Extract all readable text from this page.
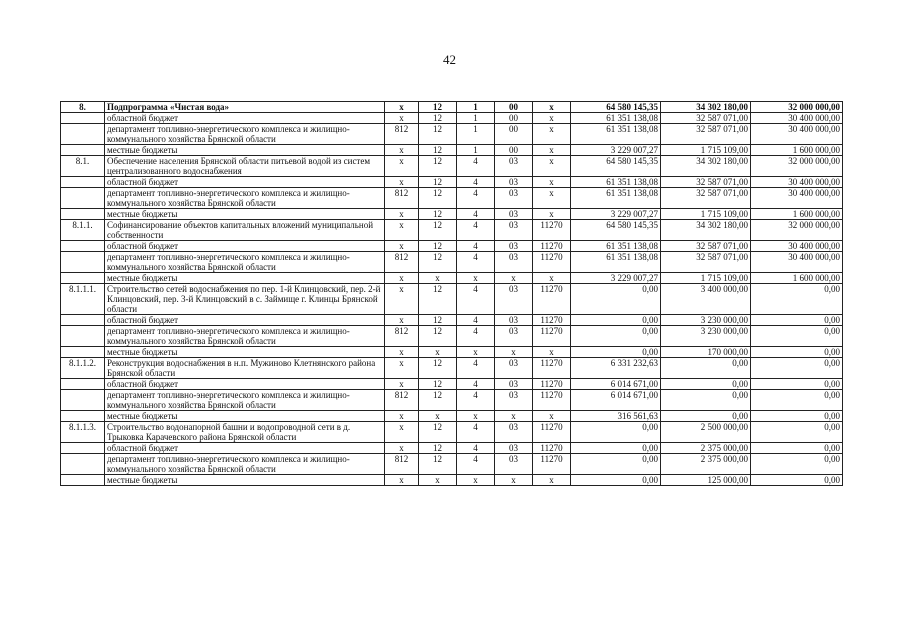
42
8.	Подпрограмма «Чистая вода»	х	12	1	00	х	64 580 145,35	34 302 180,00	32 000 000,00
	областной бюджет	х	12	1	00	х	61 351 138,08	32 587 071,00	30 400 000,00
	департамент топливно-энергетического комплекса и жилищно-коммунального хозяйства Брянской области	812	12	1	00	х	61 351 138,08	32 587 071,00	30 400 000,00
	местные бюджеты	х	12	1	00	х	3 229 007,27	1 715 109,00	1 600 000,00
8.1.	Обеспечение населения Брянской области питьевой водой из систем централизованного водоснабжения	х	12	4	03	х	64 580 145,35	34 302 180,00	32 000 000,00
	областной бюджет	х	12	4	03	х	61 351 138,08	32 587 071,00	30 400 000,00
	департамент топливно-энергетического комплекса и жилищно-коммунального хозяйства Брянской области	812	12	4	03	х	61 351 138,08	32 587 071,00	30 400 000,00
	местные бюджеты	х	12	4	03	х	3 229 007,27	1 715 109,00	1 600 000,00
8.1.1.	Софинансирование объектов капитальных вложений муниципальной собственности	х	12	4	03	11270	64 580 145,35	34 302 180,00	32 000 000,00
	областной бюджет	х	12	4	03	11270	61 351 138,08	32 587 071,00	30 400 000,00
	департамент топливно-энергетического комплекса и жилищно-коммунального хозяйства Брянской области	812	12	4	03	11270	61 351 138,08	32 587 071,00	30 400 000,00
	местные бюджеты	х	х	х	х	х	3 229 007,27	1 715 109,00	1 600 000,00
8.1.1.1.	Строительство сетей водоснабжения по пер. 1-й Клинцовский, пер. 2-й Клинцовский, пер. 3-й Клинцовский в с. Займище г. Клинцы Брянской области	х	12	4	03	11270	0,00	3 400 000,00	0,00
	областной бюджет	х	12	4	03	11270	0,00	3 230 000,00	0,00
	департамент топливно-энергетического комплекса и жилищно-коммунального хозяйства Брянской области	812	12	4	03	11270	0,00	3 230 000,00	0,00
	местные бюджеты	х	х	х	х	х	0,00	170 000,00	0,00
8.1.1.2.	Реконструкция водоснабжения в н.п. Мужиново Клетнянского района Брянской области	х	12	4	03	11270	6 331 232,63	0,00	0,00
	областной бюджет	х	12	4	03	11270	6 014 671,00	0,00	0,00
	департамент топливно-энергетического комплекса и жилищно-коммунального хозяйства Брянской области	812	12	4	03	11270	6 014 671,00	0,00	0,00
	местные бюджеты	х	х	х	х	х	316 561,63	0,00	0,00
8.1.1.3.	Строительство водонапорной башни и водопроводной сети в д. Трыковка Карачевского района Брянской области	х	12	4	03	11270	0,00	2 500 000,00	0,00
	областной бюджет	х	12	4	03	11270	0,00	2 375 000,00	0,00
	департамент топливно-энергетического комплекса и жилищно-коммунального хозяйства Брянской области	812	12	4	03	11270	0,00	2 375 000,00	0,00
	местные бюджеты	х	х	х	х	х	0,00	125 000,00	0,00
